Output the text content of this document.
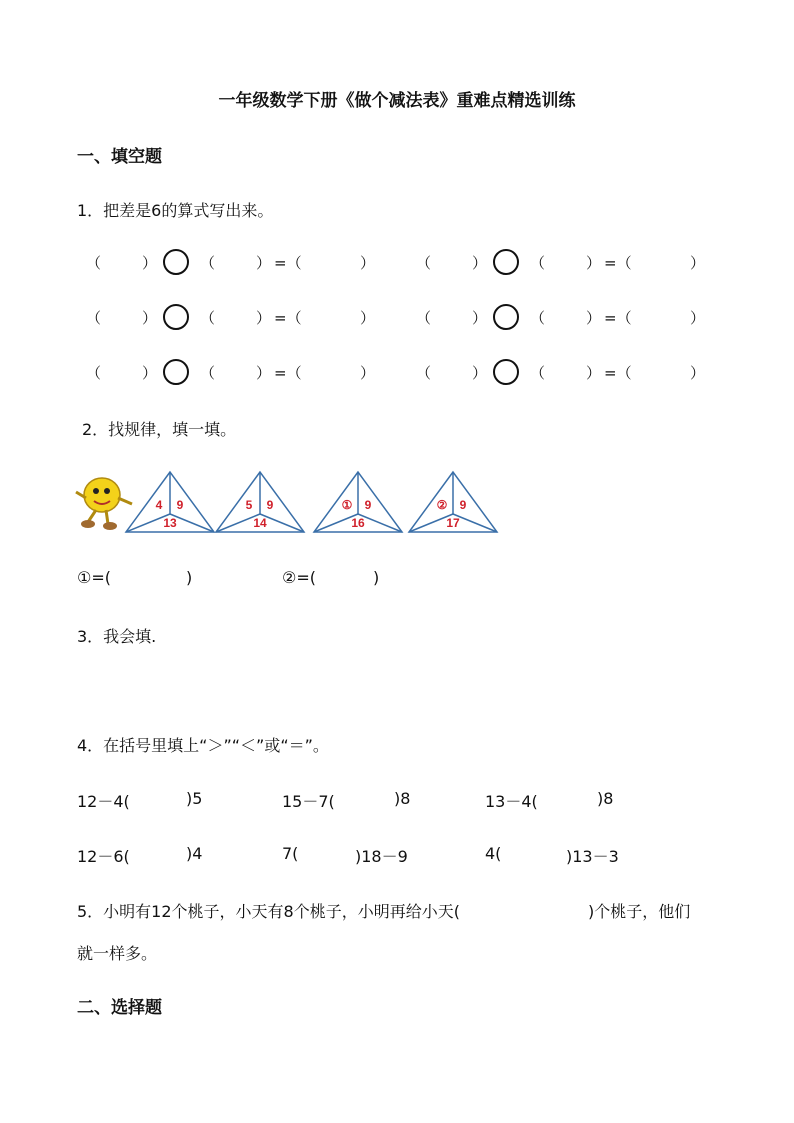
一年级数学下册《做个减法表》重难点精选训练
一、填空题
1．把差是6的算式写出来。
（	）	（	） =（	）	（	）	（	） =（	）
（	）	（	） =（	）	（	）	（	） =（	）
（	）	（	） =（	）	（	）	（	） =（	）
2．找规律，填一填。
4 9
13
5 9
14
① 9
16
② 9
17
①=(	)	②=(	)
3．我会填.
4．在括号里填上“＞”“＜”或“＝”。
12－4(	)5	15－7(	)8	13－4(	)8
12－6(	)4	7(	)18－9	4(	)13－3
5．小明有12个桃子，小天有8个桃子，小明再给小天(	)个桃子，他们
就一样多。
二、选择题
